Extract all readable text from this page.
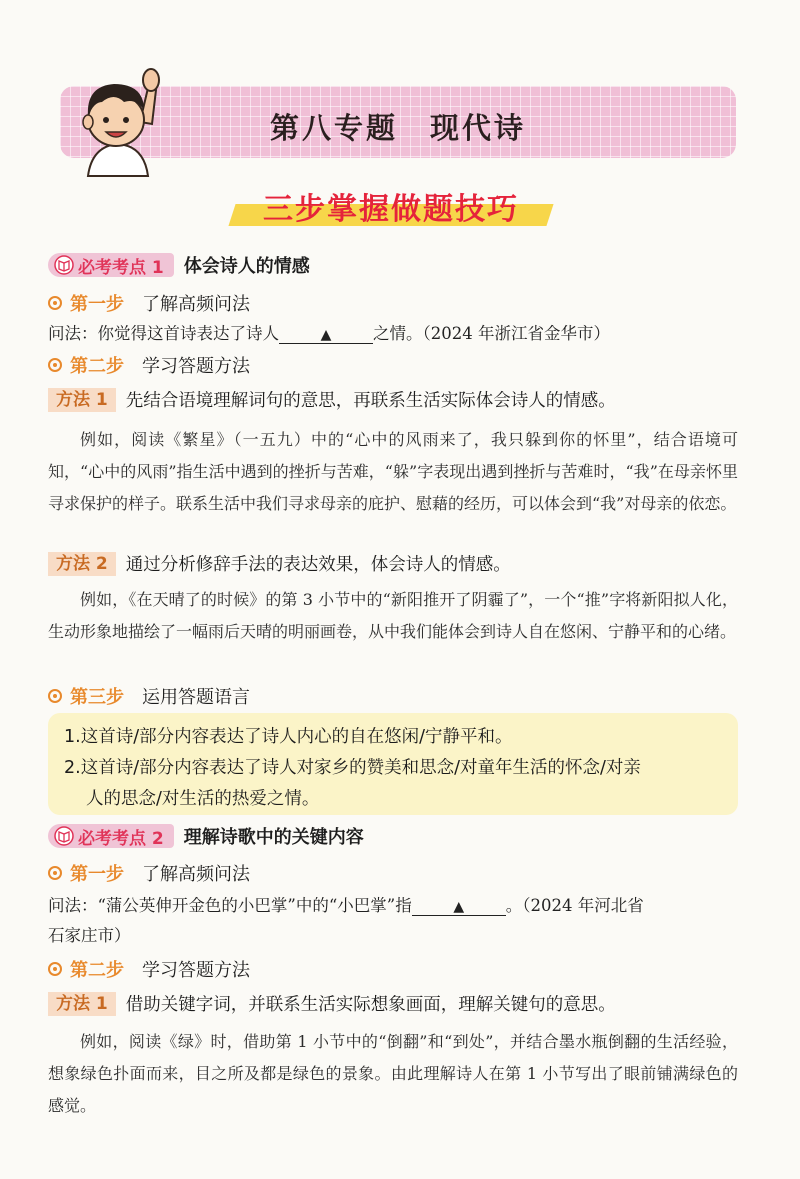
第八专题　现代诗
三步掌握做题技巧
必考考点 1 体会诗人的情感
第一步 了解高频问法
问法：你觉得这首诗表达了诗人	▲	之情。（2024 年浙江省金华市）
第二步 学习答题方法
方法 1	先结合语境理解词句的意思，再联系生活实际体会诗人的情感。
例如，阅读《繁星》（一五九）中的“心中的风雨来了，我只躲到你的怀里”，结合语境可知，“心中的风雨”指生活中遇到的挫折与苦难，“躲”字表现出遇到挫折与苦难时，“我”在母亲怀里寻求保护的样子。联系生活中我们寻求母亲的庇护、慰藉的经历，可以体会到“我”对母亲的依恋。
方法 2	通过分析修辞手法的表达效果，体会诗人的情感。
例如，《在天晴了的时候》的第 3 小节中的“新阳推开了阴霾了”，一个“推”字将新阳拟人化，生动形象地描绘了一幅雨后天晴的明丽画卷，从中我们能体会到诗人自在悠闲、宁静平和的心绪。
第三步 运用答题语言
1.这首诗/部分内容表达了诗人内心的自在悠闲/宁静平和。
2.这首诗/部分内容表达了诗人对家乡的赞美和思念/对童年生活的怀念/对亲
人的思念/对生活的热爱之情。
必考考点 2 理解诗歌中的关键内容
第一步 了解高频问法
问法：“蒲公英伸开金色的小巴掌”中的“小巴掌”指	▲	。（2024 年河北省
石家庄市）
第二步 学习答题方法
方法 1	借助关键字词，并联系生活实际想象画面，理解关键句的意思。
例如，阅读《绿》时，借助第 1 小节中的“倒翻”和“到处”，并结合墨水瓶倒翻的生活经验，想象绿色扑面而来，目之所及都是绿色的景象。由此理解诗人在第 1 小节写出了眼前铺满绿色的感觉。
